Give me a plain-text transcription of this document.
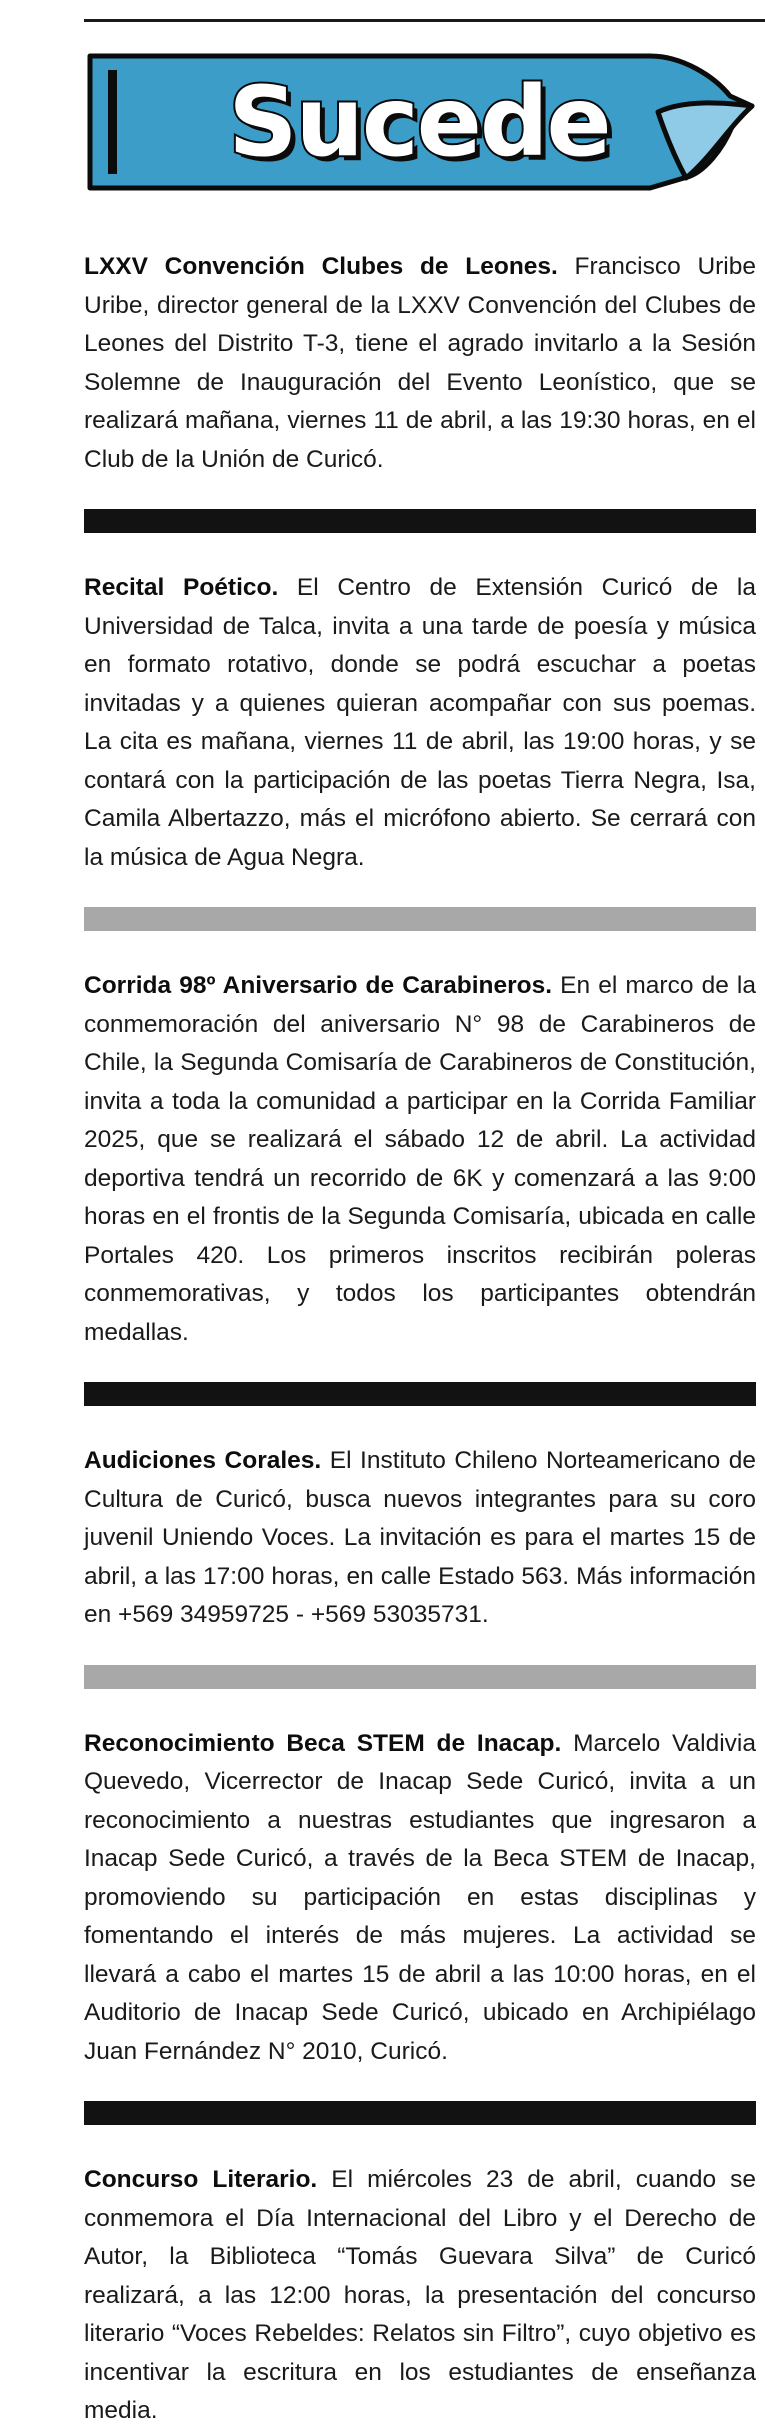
Sucede

LXXV Convención Clubes de Leones. Francisco Uribe Uribe, director general de la LXXV Convención del Clubes de Leones del Distrito T-3, tiene el agrado invitarlo a la Sesión Solemne de Inauguración del Evento Leonístico, que se realizará mañana, viernes 11 de abril, a las 19:30 horas, en el Club de la Unión de Curicó.

Recital Poético. El Centro de Extensión Curicó de la Universidad de Talca, invita a una tarde de poesía y música en formato rotativo, donde se podrá escuchar a poetas invitadas y a quienes quieran acompañar con sus poemas. La cita es mañana, viernes 11 de abril, las 19:00 horas, y se contará con la participación de las poetas Tierra Negra, Isa, Camila Albertazzo, más el micrófono abierto. Se cerrará con la música de Agua Negra.

Corrida 98º Aniversario de Carabineros. En el marco de la conmemoración del aniversario N° 98 de Carabineros de Chile, la Segunda Comisaría de Carabineros de Constitución, invita a toda la comunidad a participar en la Corrida Familiar 2025, que se realizará el sábado 12 de abril. La actividad deportiva tendrá un recorrido de 6K y comenzará a las 9:00 horas en el frontis de la Segunda Comisaría, ubicada en calle Portales 420. Los primeros inscritos recibirán poleras conmemorativas, y todos los participantes obtendrán medallas.

Audiciones Corales. El Instituto Chileno Norteamericano de Cultura de Curicó, busca nuevos integrantes para su coro juvenil Uniendo Voces. La invitación es para el martes 15 de abril, a las 17:00 horas, en calle Estado 563. Más información en +569 34959725 - +569 53035731.

Reconocimiento Beca STEM de Inacap. Marcelo Valdivia Quevedo, Vicerrector de Inacap Sede Curicó, invita a un reconocimiento a nuestras estudiantes que ingresaron a Inacap Sede Curicó, a través de la Beca STEM de Inacap, promoviendo su participación en estas disciplinas y fomentando el interés de más mujeres. La actividad se llevará a cabo el martes 15 de abril a las 10:00 horas, en el Auditorio de Inacap Sede Curicó, ubicado en Archipiélago Juan Fernández N° 2010, Curicó.

Concurso Literario. El miércoles 23 de abril, cuando se conmemora el Día Internacional del Libro y el Derecho de Autor, la Biblioteca “Tomás Guevara Silva” de Curicó realizará, a las 12:00 horas, la presentación del concurso literario “Voces Rebeldes: Relatos sin Filtro”, cuyo objetivo es incentivar la escritura en los estudiantes de enseñanza media.
